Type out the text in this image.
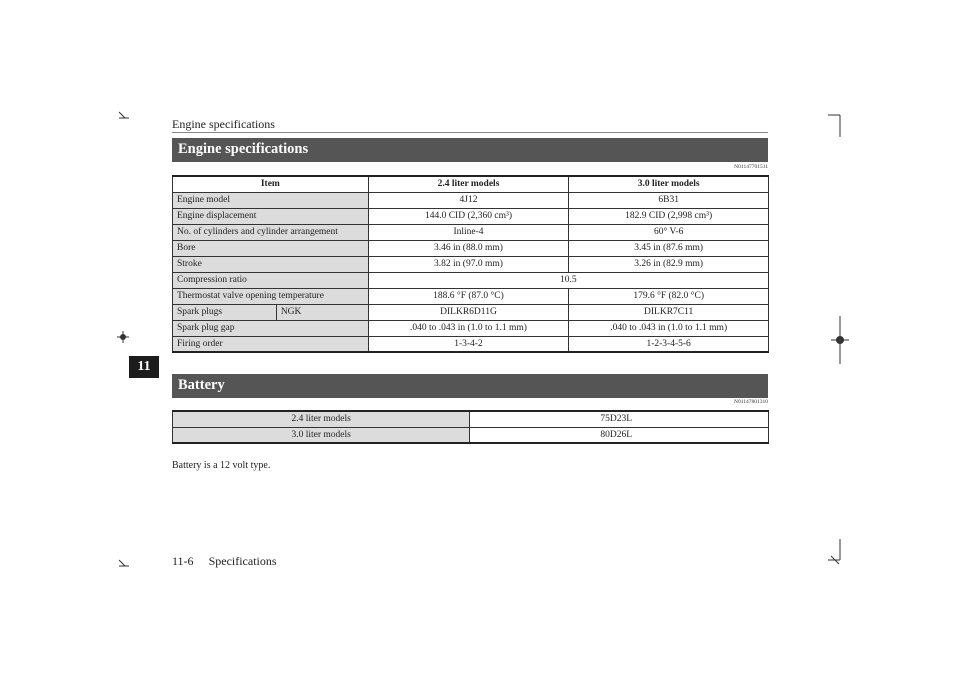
Engine specifications
11
Engine specifications
N01147701511
Item		2.4 liter models	3.0 liter models
Engine model		4J12	6B31
Engine displacement		144.0 CID (2,360 cm³)	182.9 CID (2,998 cm³)
No. of cylinders and cylinder arrangement		Inline-4	60° V-6
Bore		3.46 in (88.0 mm)	3.45 in (87.6 mm)
Stroke		3.82 in (97.0 mm)	3.26 in (82.9 mm)
Compression ratio		10.5	
Thermostat valve opening temperature		188.6 °F (87.0 °C)	179.6 °F (82.0 °C)
Spark plugs	NGK	DILKR6D11G	DILKR7C11
Spark plug gap		.040 to .043 in (1.0 to 1.1 mm)	.040 to .043 in (1.0 to 1.1 mm)
Firing order		1-3-4-2	1-2-3-4-5-6
Battery
N01147801310
2.4 liter models	75D23L
3.0 liter models	80D26L
Battery is a 12 volt type.
11-6 Specifications
